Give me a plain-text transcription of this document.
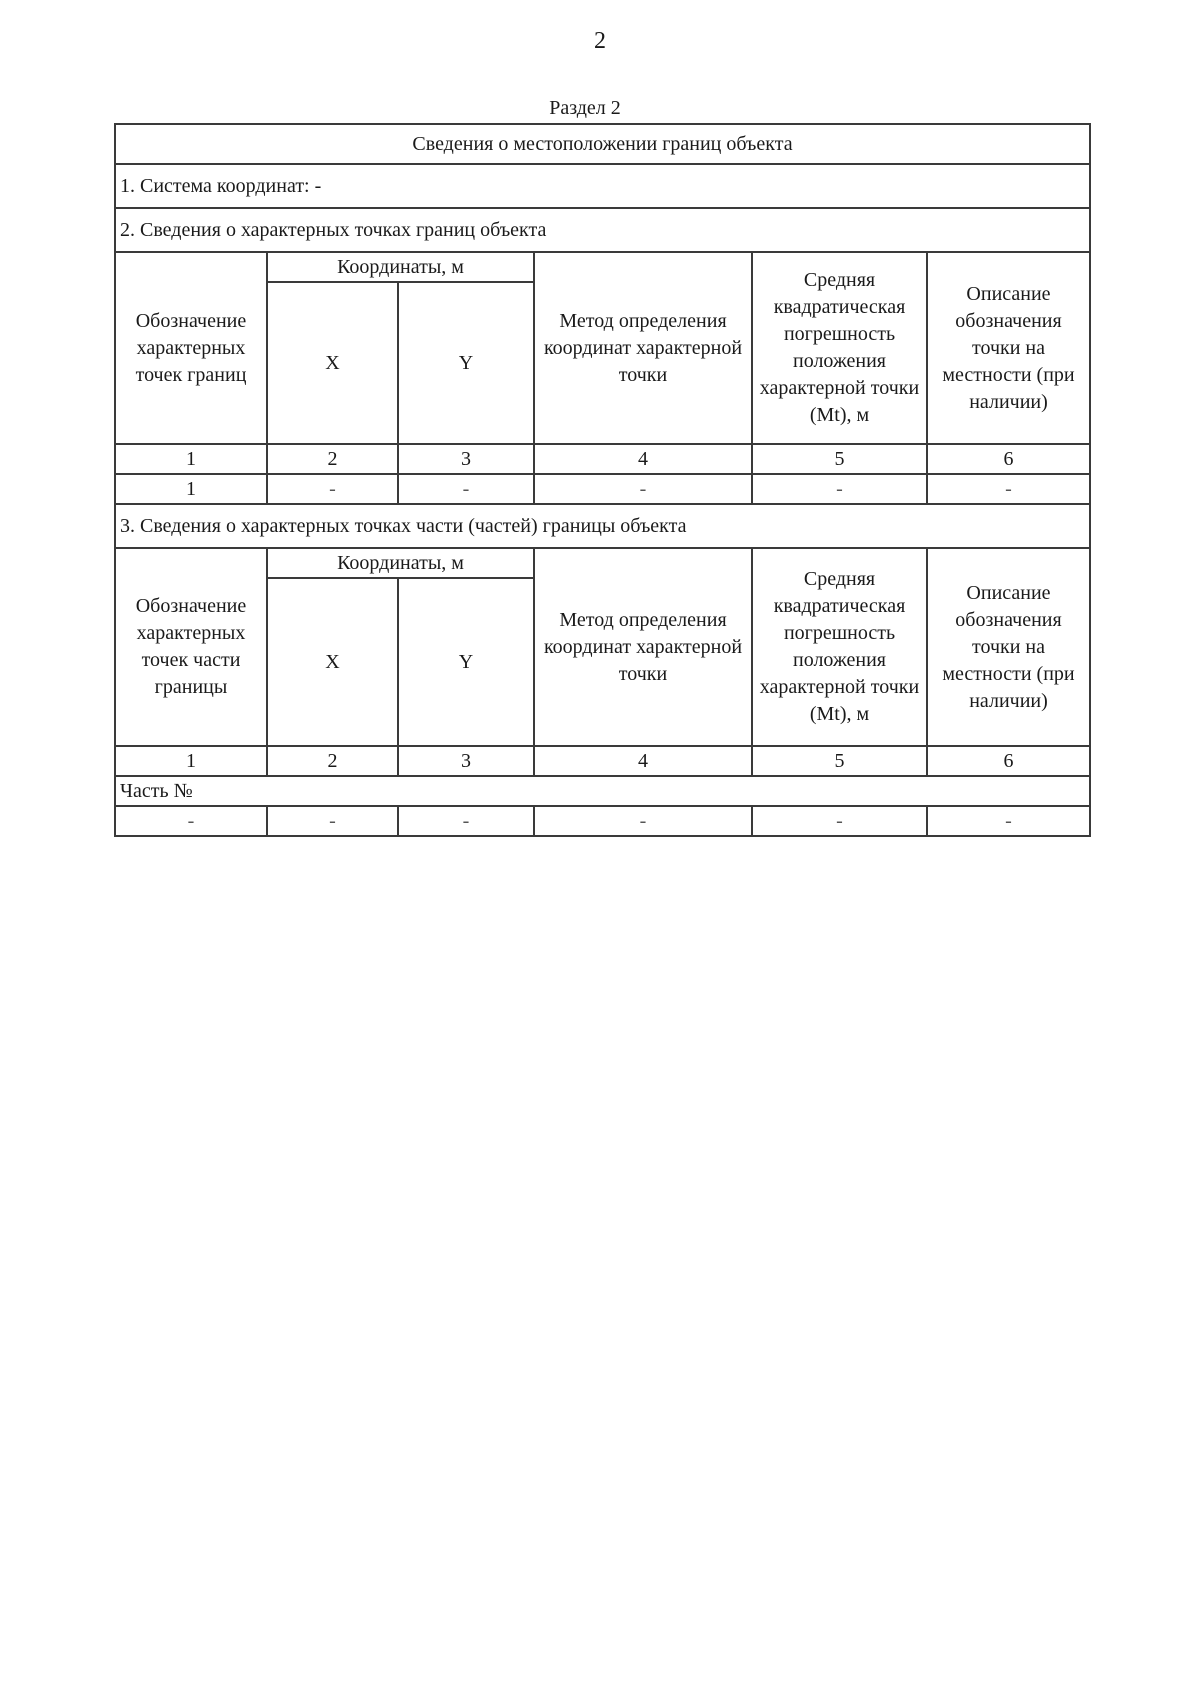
2
Раздел 2
Сведения о местоположении границ объекта					
1. Система координат: -					
2. Сведения о характерных точках границ объекта					
Обозначение характерных точек границ	Координаты, м		Метод определения координат характерной точки	Средняя квадратическая погрешность положения характерной точки (Mt), м	Описание обозначения точки на местности (при наличии)
	X	Y			
1	2	3	4	5	6
1	-	-	-	-	-
3. Сведения о характерных точках части (частей) границы объекта					
Обозначение характерных точек части границы	Координаты, м		Метод определения координат характерной точки	Средняя квадратическая погрешность положения характерной точки (Mt), м	Описание обозначения точки на местности (при наличии)
	X	Y			
1	2	3	4	5	6
Часть №					
-	-	-	-	-	-
